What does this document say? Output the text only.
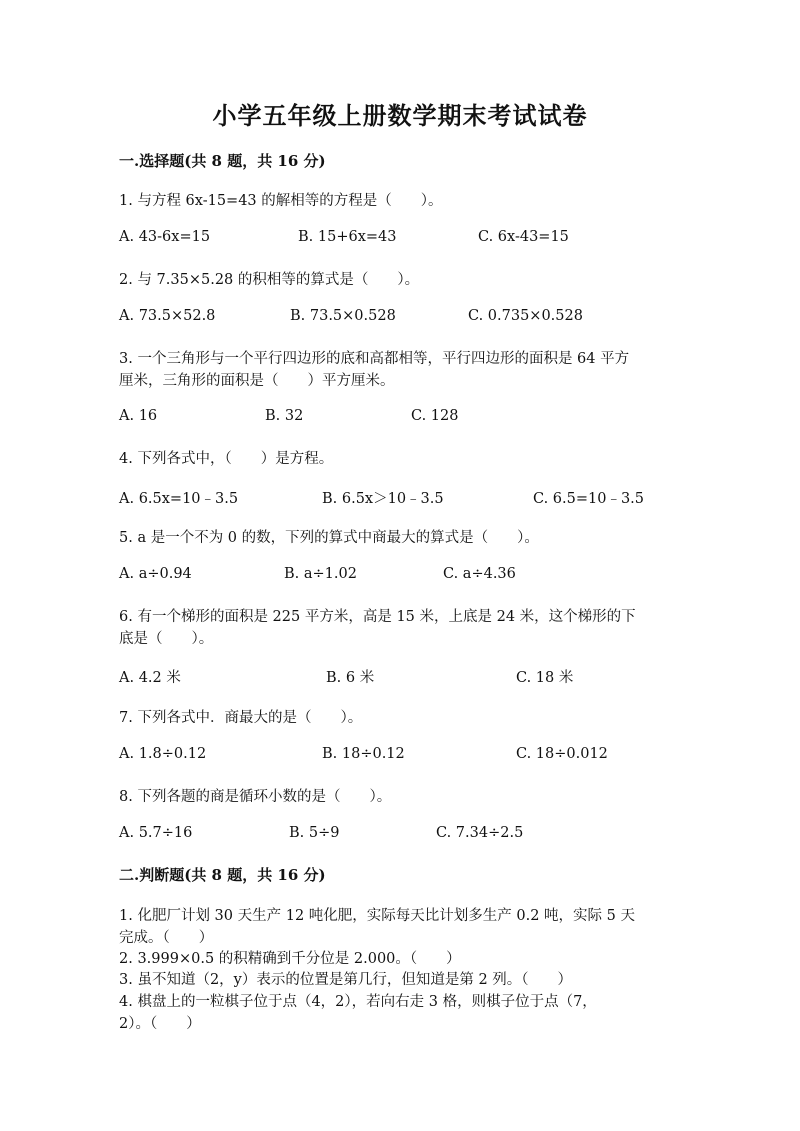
小学五年级上册数学期末考试试卷
一.选择题(共 8 题，共 16 分)
1. 与方程 6x-15=43 的解相等的方程是（　　）。
A. 43-6x=15	B. 15+6x=43	C. 6x-43=15
2. 与 7.35×5.28 的积相等的算式是（　　）。
A. 73.5×52.8	B. 73.5×0.528	C. 0.735×0.528
3. 一个三角形与一个平行四边形的底和高都相等，平行四边形的面积是 64 平方
厘米，三角形的面积是（　　）平方厘米。
A. 16	B. 32	C. 128
4. 下列各式中，（　　）是方程。
A. 6.5x=10﹣3.5	B. 6.5x＞10﹣3.5	C. 6.5=10﹣3.5
5. a 是一个不为 0 的数，下列的算式中商最大的算式是（　　）。
A. a÷0.94	B. a÷1.02	C. a÷4.36
6. 有一个梯形的面积是 225 平方米，高是 15 米，上底是 24 米，这个梯形的下
底是（　　）。
A. 4.2 米	B. 6 米	C. 18 米
7. 下列各式中．商最大的是（　　）。
A. 1.8÷0.12	B. 18÷0.12	C. 18÷0.012
8. 下列各题的商是循环小数的是（　　）。
A. 5.7÷16	B. 5÷9	C. 7.34÷2.5
二.判断题(共 8 题，共 16 分)
1. 化肥厂计划 30 天生产 12 吨化肥，实际每天比计划多生产 0.2 吨，实际 5 天
完成。（　　）
2. 3.999×0.5 的积精确到千分位是 2.000。（　　）
3. 虽不知道（2，y）表示的位置是第几行，但知道是第 2 列。（　　）
4. 棋盘上的一粒棋子位于点（4，2），若向右走 3 格，则棋子位于点（7，
2）。（　　）
